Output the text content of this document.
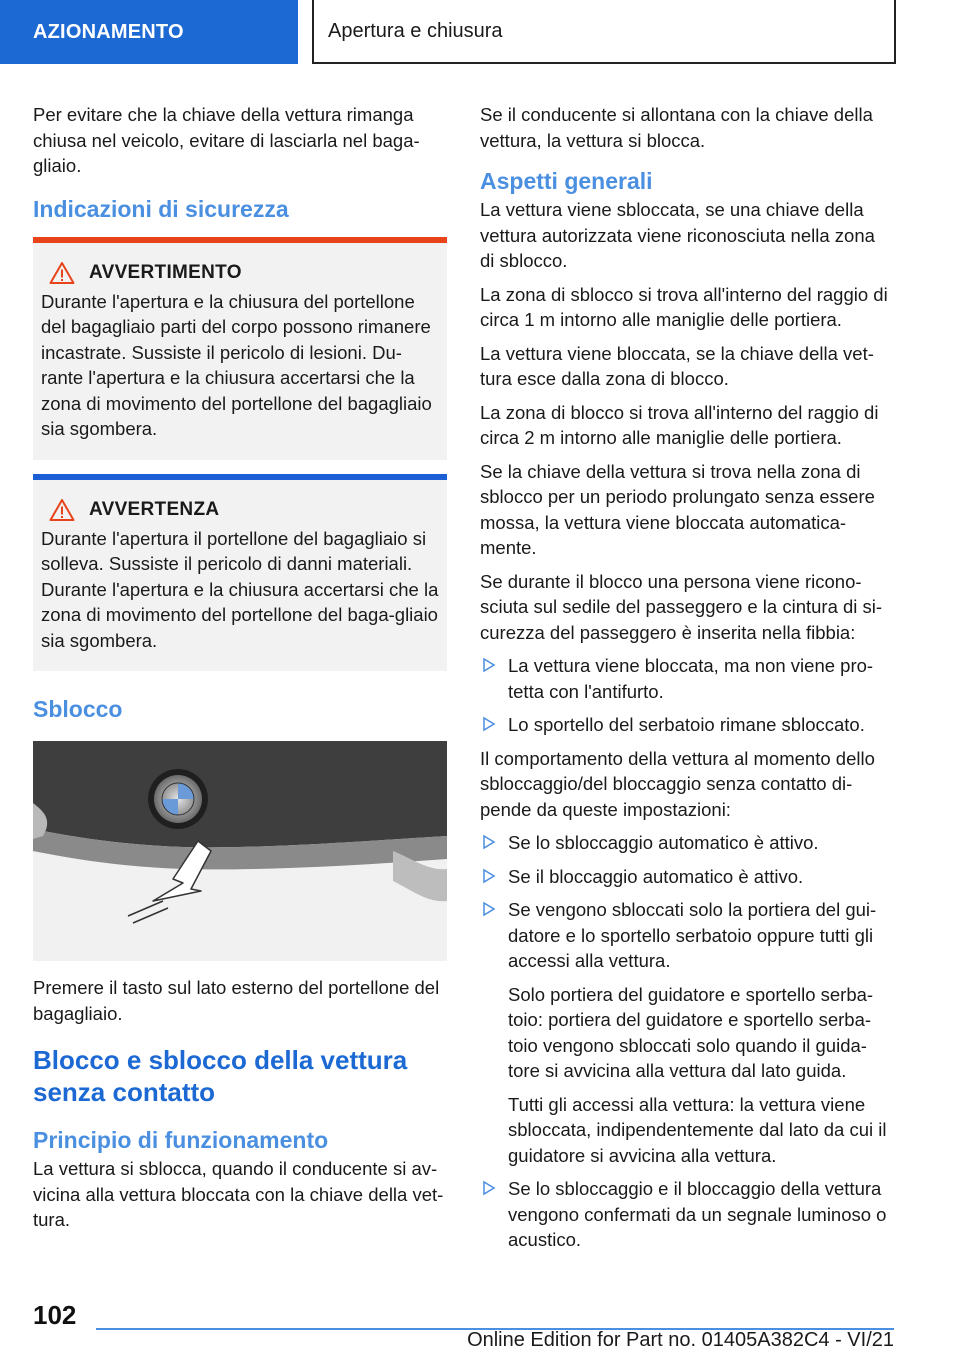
AZIONAMENTO	Apertura e chiusura

Per evitare che la chiave della vettura rimanga chiusa nel veicolo, evitare di lasciarla nel baga-gliaio.

Indicazioni di sicurezza
AVVERTIMENTO

Durante l'apertura e la chiusura del portellone del bagagliaio parti del corpo possono rimanere incastrate. Sussiste il pericolo di lesioni. Du-rante l'apertura e la chiusura accertarsi che la zona di movimento del portellone del bagagliaio sia sgombera.

AVVERTENZA

Durante l'apertura il portellone del bagagliaio si solleva. Sussiste il pericolo di danni materiali. Durante l'apertura e la chiusura accertarsi che la zona di movimento del portellone del baga-gliaio sia sgombera.

Sblocco

Premere il tasto sul lato esterno del portellone del bagagliaio.

Blocco e sblocco della vettura senza contatto
Principio di funzionamento

La vettura si sblocca, quando il conducente si av-vicina alla vettura bloccata con la chiave della vet-tura.

Se il conducente si allontana con la chiave della vettura, la vettura si blocca.

Aspetti generali

La vettura viene sbloccata, se una chiave della vettura autorizzata viene riconosciuta nella zona di sblocco.

La zona di sblocco si trova all'interno del raggio di circa 1 m intorno alle maniglie delle portiera.

La vettura viene bloccata, se la chiave della vet-tura esce dalla zona di blocco.

La zona di blocco si trova all'interno del raggio di circa 2 m intorno alle maniglie delle portiera.

Se la chiave della vettura si trova nella zona di sblocco per un periodo prolungato senza essere mossa, la vettura viene bloccata automatica-mente.

Se durante il blocco una persona viene ricono-sciuta sul sedile del passeggero e la cintura di si-curezza del passeggero è inserita nella fibbia:

La vettura viene bloccata, ma non viene pro-tetta con l'antifurto.
Lo sportello del serbatoio rimane sbloccato.

Il comportamento della vettura al momento dello sbloccaggio/del bloccaggio senza contatto di-pende da queste impostazioni:

Se lo sbloccaggio automatico è attivo.
Se il bloccaggio automatico è attivo.
Se vengono sbloccati solo la portiera del gui-datore e lo sportello serbatoio oppure tutti gli accessi alla vettura.

Solo portiera del guidatore e sportello serba-toio: portiera del guidatore e sportello serba-toio vengono sbloccati solo quando il guida-tore si avvicina alla vettura dal lato guida.

Tutti gli accessi alla vettura: la vettura viene sbloccata, indipendentemente dal lato da cui il guidatore si avvicina alla vettura.

Se lo sbloccaggio e il bloccaggio della vettura vengono confermati da un segnale luminoso o acustico.
102
Online Edition for Part no. 01405A382C4 - VI/21
